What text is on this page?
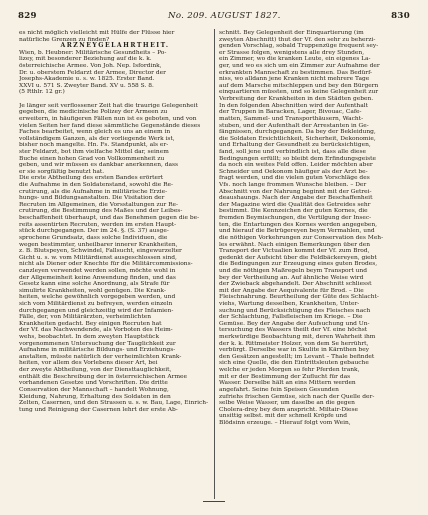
829	No. 209. AUGUST 1827.	830
es nicht möglich vielleicht mit Hülfe der Flüsse hier
natürliche Grenzen zu finden?
ARZNEYGELAHRTHEIT.
Wien, b. Heubner: Militärische Gesundheits – Po-
lizey, mit besonderer Beziehung auf die k. k.
österreichische Armee. Von Joh. Nep. Isfordink,
Dr. u. oberstem Feldarzt der Armee, Director der
Josephs-Akademie u. s. w. 1825. Erster Band.
XXVI u. 571 S. Zweyter Band. XV u. 558 S. 8.
(5 Rthlr. 12 gr.)

Je länger seit verflossener Zeit hat die traurige Gelegenheit
gegeben, die medicinische Polizey der Armeen zu
erweitern, in häufigeren Fällen nun ist es geboten, und von
vielen Seiten her fand diese sämmtliche Gegenstände dieses
Faches bearbeitet, wenn gleich es uns an einem in
vollständigem Ganzen, als der vorliegende Werk ist,
bisher noch mangelte. Hn. Fs. Standpunkt, als er-
ster Feldarzt, bot ihm vielfache Mittel dar, seinem
Buche einen hohen Grad von Vollkommenheit zu
geben, und wir müssen es dankbar anerkennen, dass
er sie sorgfältig benutzt hat.
Die erste Abtheilung des ersten Bandes erörtert
die Aufnahme in den Soldatenstand, sowohl die Re-
crutirung, als die Aufnahme in militärische Erzie-
hungs- und Bildungsanstalten. Die Visitation der
Recruten im Allgemeinen, die Vorsstaltungen zur Re-
crutirung, die Bestimmung des Maßes und der Leibes-
beschaffenheit überhaupt, und das Benehmen gegen die be-
reits assentirten Recruten, werden im ersten Haupt-
stück durchgegangen. Der im 24. §. (S. 37) ausge-
sprochene Grundsatz, dass solche Individuen, die
wegen bestimmter, unheilbarer innerer Krankheiten,
z. B. Blutspeyen, Schwindel, Fallsucht, eingewurzelter
Gicht u. s. w. vom Militärdienst ausgeschlossen sind,
nicht als Diener oder Knechte für die Militärcommissions-
canzleyen verwendet werden sollen, möchte wohl in
der Allgemeinheit keine Anwendung finden, und das
Gesetz kann eine solche Anordnung, als Strafe für
simulirte Krankheiten, wohl genügen. Die Krank-
heiten, welche gewöhnlich vorgegeben werden, und
sich vom Militärdienst zu befreyen, werden einzeln
durchgegangen und gleichzeitig wird der Infamien-
Fälle, der, von Militärärzten, verheimlichten
Krankheiten gedacht. Bey einigen Recruten hat
der Vf. das Nachwendende, als Vorboten des Heim-
wehs, beobachtet. In dem zweyten Hauptstück
vorgenommenen Untersuchung der Tauglichkeit zur
Aufnahme in militärische Bildungs- und Erziehungs-
anstalten, müsste natürlich der verheimlichten Krank-
heiten, vor allem des Vorlebens dieser Art, bei
der zweyte Abtheilung, von der Diensttauglichkeit,
enthält die Beschreibung der in österreichischen Armee
vorhandenen Gesetze und Vorschriften. Die dritte
Conservation der Mannschaft – handelt Wohnung,
Kleidung, Nahrung, Erhaltung des Soldaten in den
Zelten, Casernen, und den Strassen u. s. w. Bau, Lage, Einrich-
tung und Reinigung der Casernen lehrt der erste Ab-
schnitt. Bey Gelegenheit der Einquartierung (im
zweyten Abschnitt) thut der Vf. den sehr zu beherzi-
genden Vorschlag, sobald Truppenzüge frequent sey-
er Strasse folgen, wenigstens alle drey Stunden,
ein Zimmer, wo die kranken Leute, ein eigenes La-
ger, und wo es sich um ein Zimmer zur Aufnahme der
erkrankten Mannschaft zu bestimmen. Das Bedürf-
niss, wo alldann jene Kranken nicht mehrere Tage
auf dem Marsche mitschleppen und bey den Bürgern
einquartieren müssten, und so keine Gelegenheit zur
Verbreitung der Krankheiten in den Städten geben.
In den folgenden Abschnitten wird der Aufenthalt
der Truppen in Baracken, Lager, Bivouac, Cafe-
matten, Sammel- und Transporthäusern, Wacht-
stuben, und der Aufenthalt der Arrestanten in Ge-
fängnissen, durchgegangen. Da bey der Bekleidung,
die Soldaten Ersichtlichkeit, Sicherheit, Dekonomie,
und Erhaltung der Gesundheit zu berücksichtigen,
fand, soll jene und verbindlich ist, dass alle diese
Bedingungen erfüllt; so bleibt dem Erfindungsgeiste
da noch ein weites Feld offen. Leider möchten aber
Schneider und Oekonom häufiger als der Arzt be-
fragt werden, und die vielen guten Vorschläge des
Vfs. noch lange frommen Wunsche bleiben. – Der
Abschnitt von der Nahrung beginnt mit der Getrei-
deaushaungs. Nach der Angabe der Beschaffenheit
der Magazine wird die Qualität des Getreides sehr
bestimmt. Die Kennzeichen der guten Kornes, die
fremden Beymischungen, die Vertilgung der Insec-
ten, die Entartungen des Kornes werden angegeben,
und hierauf die Betrügereyen beym Vermahlen, und
die nöthigen Vorkehrungen zur Conservation des Meh-
les erwähnt. Nach einigen Bemerkungen über den
Transport der Victualien kommt der Vf. zum Brod,
gedenkt der Aufsicht über die Feldbäckereyen, giebt
die Bedingungen zur Erzeugung eines guten Brodes,
und die nöthigen Maßregeln beym Transport und
bey der Vertheilung an. Auf ähnliche Weise wird
der Zwieback abgehandelt. Der Abschnitt schliesst
mit der Angabe der Aequivalente für Brod. – Die
Fleischnahrung. Beurtheilung der Güte des Schlacht-
viehs, Wartung desselben, Krankheiten, Unter-
suchung und Berücksichtigung des Fleisches nach
der Schlachtung, Fallsfleischen im Kriege. – Die
Gemüse. Bey der Angabe der Aufsuchung und Un-
tersuchung des Wassers theilt der Vf. eine höchst
merkwürdige Beobachtung mit, deren Wahrheit ihm
der k. k. Rittmeister Holzer, von dem Se herrührt,
verbürgt. Derselbe war in Skulite in Kärnthen bey
den Gesätzen angestellt; im Levant – Thale befindet
sich eine Quelle, die den Eintrittsleuten gebauche
welche er jeden Morgen so fehr Pferden trank,
mit er der Bestimmung der Zuflucht für das
Wasser. Derselbe hält an eins Mittern werden
angefahrt. Seine fein Speisen Gesunden
zufriehs frischen Gemüse, sich nach der Quelle der-
selbe Weise Wasser, um daselbe an die gegen
Cholera-drey bey dem anspricht. Miltair-Diese
unsittig selbst. mit der schmell Kröpfe und
Blödsinn erzeuge. – Hierauf folgt vom Wein,
